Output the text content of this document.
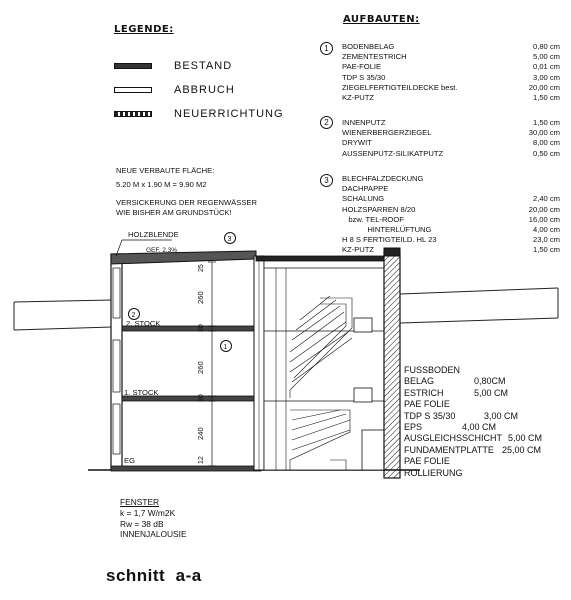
LEGENDE:
BESTAND
ABBRUCH
NEUERRICHTUNG
AUFBAUTEN:
1	BODENBELAG	0,80 cm
ZEMENTESTRICH	5,00 cm
PAE-FOLIE	0,01 cm
TDP S 35/30	3,00 cm
ZIEGELFERTIGTEILDECKE best.	20,00 cm
KZ-PUTZ	1,50 cm
2	INNENPUTZ	1,50 cm
WIENERBERGERZIEGEL	30,00 cm
DRYWIT	8,00 cm
AUSSENPUTZ-SILIKATPUTZ	0,50 cm
3	BLECHFALZDECKUNG
DACHPAPPE
SCHALUNG	2,40 cm
HOLZSPARREN 8/20	20,00 cm
bzw. TEL-ROOF	16,00 cm
HINTERLÜFTUNG	4,00 cm
H 8 S FERTIGTEILD. HL 23	23,0 cm
KZ-PUTZ	1,50 cm
NEUE VERBAUTE FLÄCHE:
5.20 M x 1.90 M = 9.90 M2
VERSICKERUNG DER REGENWÄSSER
WIE BISHER AM GRUNDSTÜCK!
HOLZBLENDE
GEF. 2,3%
3
2
1
2. STOCK
1. STOCK
EG
25
260
30
260
30
240
12
FUSSBODEN
BELAG	0,80CM
ESTRICH	5,00 CM
PAE FOLIE
TDP S 35/30	3,00 CM
EPS	4,00 CM
AUSGLEICHSSCHICHT 5,00 CM
FUNDAMENTPLATTE 25,00 CM
PAE FOLIE
ROLLIERUNG
FENSTER
k = 1,7 W/m2K
Rw = 38 dB
INNENJALOUSIE
schnitt  a-a
